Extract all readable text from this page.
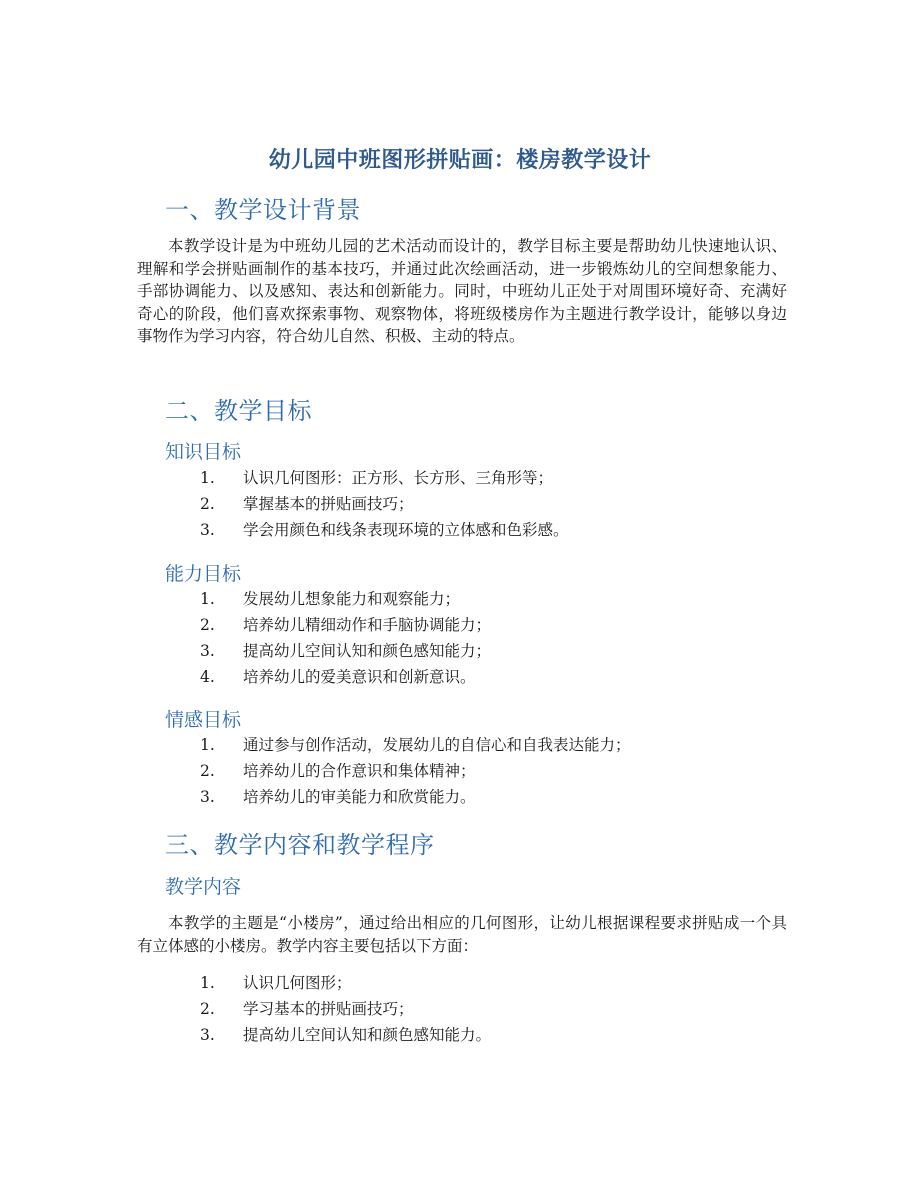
幼儿园中班图形拼贴画：楼房教学设计
一、教学设计背景
本教学设计是为中班幼儿园的艺术活动而设计的，教学目标主要是帮助幼儿快速地认识、理解和学会拼贴画制作的基本技巧，并通过此次绘画活动，进一步锻炼幼儿的空间想象能力、手部协调能力、以及感知、表达和创新能力。同时，中班幼儿正处于对周围环境好奇、充满好奇心的阶段，他们喜欢探索事物、观察物体，将班级楼房作为主题进行教学设计，能够以身边事物作为学习内容，符合幼儿自然、积极、主动的特点。
二、教学目标
知识目标
1. 认识几何图形：正方形、长方形、三角形等；
2. 掌握基本的拼贴画技巧；
3. 学会用颜色和线条表现环境的立体感和色彩感。
能力目标
1. 发展幼儿想象能力和观察能力；
2. 培养幼儿精细动作和手脑协调能力；
3. 提高幼儿空间认知和颜色感知能力；
4. 培养幼儿的爱美意识和创新意识。
情感目标
1. 通过参与创作活动，发展幼儿的自信心和自我表达能力；
2. 培养幼儿的合作意识和集体精神；
3. 培养幼儿的审美能力和欣赏能力。
三、教学内容和教学程序
教学内容
本教学的主题是“小楼房”，通过给出相应的几何图形，让幼儿根据课程要求拼贴成一个具有立体感的小楼房。教学内容主要包括以下方面：
1. 认识几何图形；
2. 学习基本的拼贴画技巧；
3. 提高幼儿空间认知和颜色感知能力。
